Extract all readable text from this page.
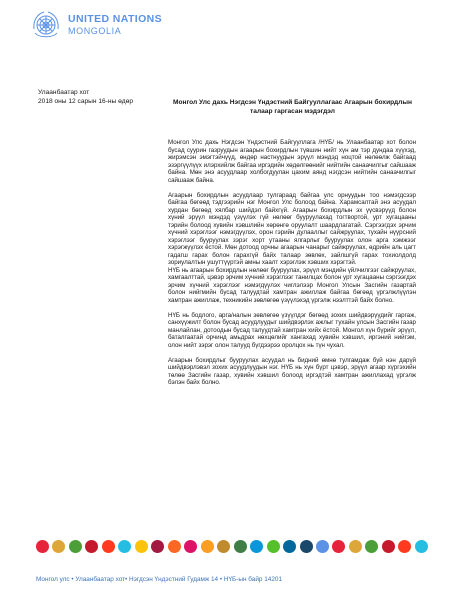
UNITED NATIONS
MONGOLIA
Улаанбаатар хот
2018 оны 12 сарын 16-ны өдөр	Монгол Улс дахь Нэгдсэн Үндэстний Байгууллагаас Агаарын бохирдлын талаар гаргасан мэдэгдэл

Монгол Улс дахь Нэгдсэн Үндэстний Байгууллага /НҮБ/ нь Улаанбаатар хот болон бусад суурин газруудын агаарын бохирдлын түвшин нийт хүн ам тэр дундаа хүүхэд, жирэмсэн эмэгтэйчүүд, өндөр настнуудын эрүүл мэндэд ноцтой нөлөөлж байгаад эзэргүүлүүх илэрхийлж байгаа иргэдийн хөдөлгөөнийг нийтийн санаачилгыг сайшааж байна. Мөн энэ асуудлаар холбогдуулан цахим аянд нэгдсэн нийтийн санаачилгыг сайшааж байна.

Агаарын бохирдлын асуудлаар тулгараад байгаа улс орнуудын тоо нэмэгдсээр байгаа бөгөөд тэдгээрийн нэг Монгол Улс болоод байна. Харамсалтай энэ асуудал хурдан бөгөөд хялбар шийдэл байхгүй. Агаарын бохирдлын эх үүсвэрүүд болон хүний эрүүл мэндэд үзүүлэх гүй нөлөөг бууруулахад тогтвортой, урт хугацааны тэрийн болоод хувийн хэвшлийн хөрөнгө оруулалт шаардлагатай. Сэргээгдэх эрчим хүчний хэрэглээг нэмэгдүүлэх, орон гэрийн дулааллыг сайжруулах, тухайн нүүрсний хэрэглээг бууруулах зэрэг хорт утааны ялгарлыг бууруулах олон арга хэмжээг хэрэгжүүлэх ёстой. Мөн дотоод орчны агаарын чанарыг сайжруулах, өдрийн аль цагт гадагш гарах болон гарахгүй байх талаар зөвлөх, зайлшгүй гарах тохиолдолд зориулалтын ушуттүүртэй амны хаалт хэрэглэж хэвших хэрэгтэй.

НҮБ нь агаарын бохирдлын нөлөөг бууруулах, эрүүл мэндийн үйлчилгээг сайжруулах, хамгаалттай, цэвэр эрчим хүчний хэрэглээг танилцах болон урт хугацааны сэргээгдэх эрчим хүчний хэрэглээг нэмэгдүүлэх чиглэлээр Монгол Улсын Засгийн газартай болон нийгмийн бусад талуудтай хамтран ажиллаж байгаа бөгөөд үргэлжлүүлэн хамтран ажиллаж, техникийн зөвлөгөө үзүүлэхэд үргэлж нээлттэй байх болно.

НҮБ нь бодлого, арга/налын зөвлөгөө үзүүлдэг бөгөөд зохих шийдвэрүүдийг гаргаж, санхүүжилт болон бусад асуудлуудыг шийдвэрлэх ажлыг тухайн улсын Засгийн газар манлайлан, дотоодын бусад талуудтай хамтран хийх ёстой. Монгол хүн бүрийг эрүүл, баталгаатай орчинд амьдрах нөхцөлийг хангахад хувийн хэвшил, иргэний нийгэм, олон нийт зэрэг олон талууд бүгдээрээ оролцох нь түн чухал.

Агаарын бохирдлыг бууруулах асуудал нь бидний өмнө тулгамдаж буй нэн дарүй шийдвэрлэвэл зохих асуудлуудын нэг. НҮБ нь хүн бүрт цэвэр, эрүүл агаар хүргэхийн төлөө Засгийн газар, хувийн хэвшил болоод иргэдтэй хамтран ажиллахад үргэлж бэлэн байх болно.

Монгол улс • Улаанбаатар хот• Нэгдсэн Үндэстний Гудамж 14 • НҮБ-ын байр 14201
